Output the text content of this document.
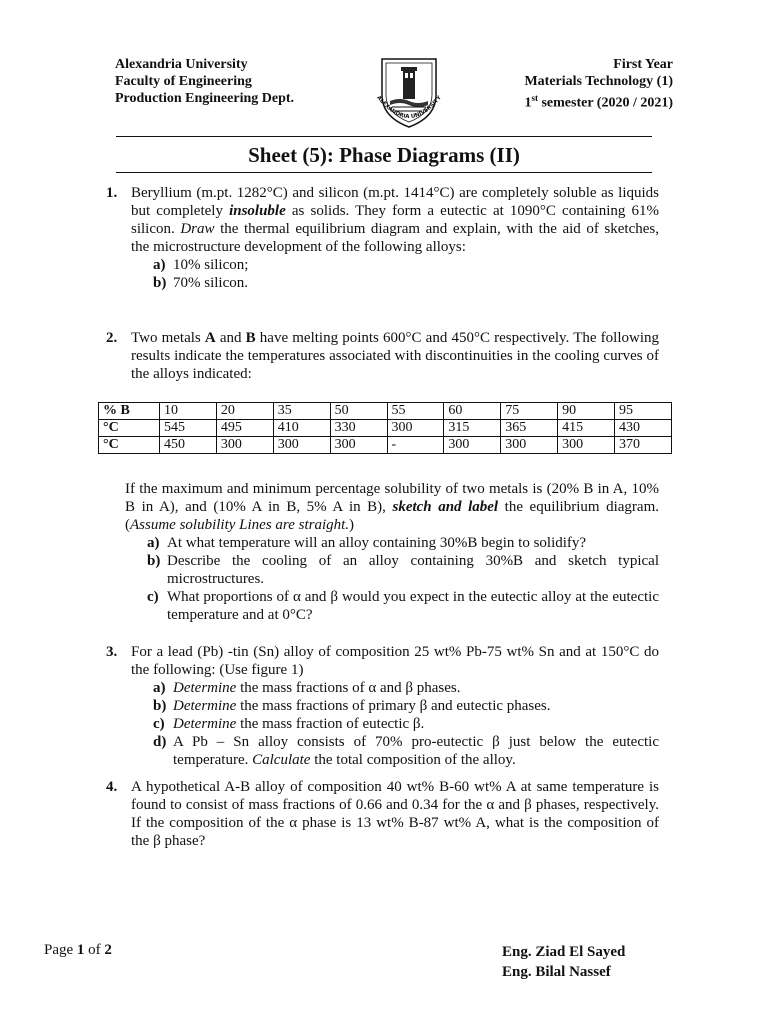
Alexandria University
Faculty of Engineering
Production Engineering Dept.	ALEXANDRIA UNIVERSITY
First Year
Materials Technology (1)
1st semester (2020 / 2021)
Sheet (5): Phase Diagrams (II)
1. Beryllium (m.pt. 1282°C) and silicon (m.pt. 1414°C) are completely soluble as liquids but completely insoluble as solids. They form a eutectic at 1090°C containing 61% silicon. Draw the thermal equilibrium diagram and explain, with the aid of sketches, the microstructure development of the following alloys:
a) 10% silicon;
b) 70% silicon.
2. Two metals A and B have melting points 600°C and 450°C respectively. The following results indicate the temperatures associated with discontinuities in the cooling curves of the alloys indicated:
% B	10	20	35	50	55	60	75	90	95
°C	545	495	410	330	300	315	365	415	430
°C	450	300	300	300	-	300	300	300	370
If the maximum and minimum percentage solubility of two metals is (20% B in A, 10% B in A), and (10% A in B, 5% A in B), sketch and label the equilibrium diagram. (Assume solubility Lines are straight.)
a) At what temperature will an alloy containing 30%B begin to solidify?
b) Describe the cooling of an alloy containing 30%B and sketch typical microstructures.
c) What proportions of α and β would you expect in the eutectic alloy at the eutectic temperature and at 0°C?
3. For a lead (Pb) -tin (Sn) alloy of composition 25 wt% Pb-75 wt% Sn and at 150°C do the following: (Use figure 1)
a) Determine the mass fractions of α and β phases.
b) Determine the mass fractions of primary β and eutectic phases.
c) Determine the mass fraction of eutectic β.
d) A Pb – Sn alloy consists of 70% pro-eutectic β just below the eutectic temperature. Calculate the total composition of the alloy.
4. A hypothetical A-B alloy of composition 40 wt% B-60 wt% A at same temperature is found to consist of mass fractions of 0.66 and 0.34 for the α and β phases, respectively. If the composition of the α phase is 13 wt% B-87 wt% A, what is the composition of the β phase?
Page 1 of 2	Eng. Ziad El Sayed
Eng. Bilal Nassef
